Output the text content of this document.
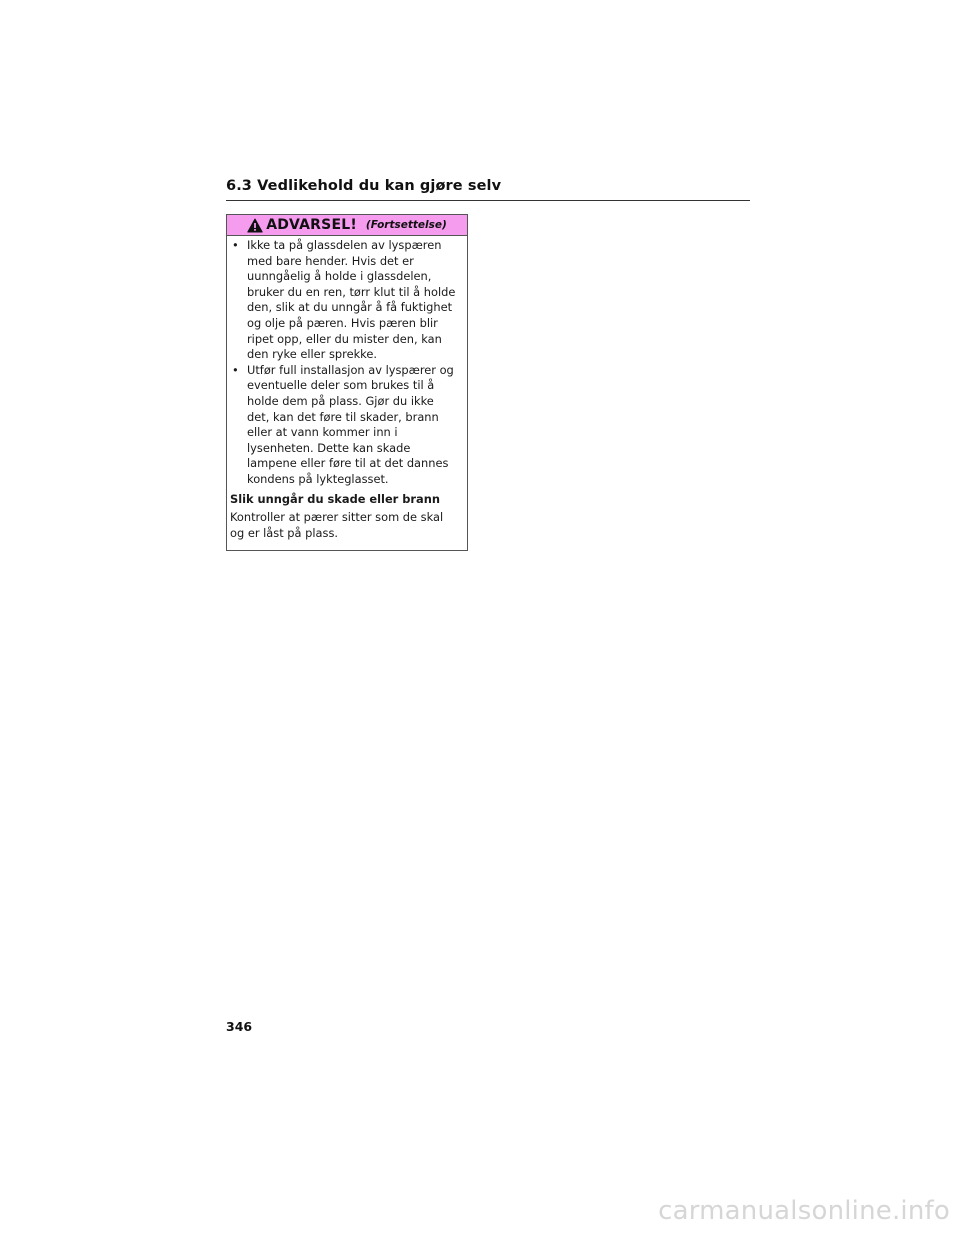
6.3 Vedlikehold du kan gjøre selv
ADVARSEL! (Fortsettelse)
• Ikke ta på glassdelen av lyspæren med bare hender. Hvis det er uunngåelig å holde i glassdelen, bruker du en ren, tørr klut til å holde den, slik at du unngår å få fuktighet og olje på pæren. Hvis pæren blir ripet opp, eller du mister den, kan den ryke eller sprekke.
• Utfør full installasjon av lyspærer og eventuelle deler som brukes til å holde dem på plass. Gjør du ikke det, kan det føre til skader, brann eller at vann kommer inn i lysenheten. Dette kan skade lampene eller føre til at det dannes kondens på lykteglasset.
Slik unngår du skade eller brann
Kontroller at pærer sitter som de skal og er låst på plass.
346
carmanualsonline.info
